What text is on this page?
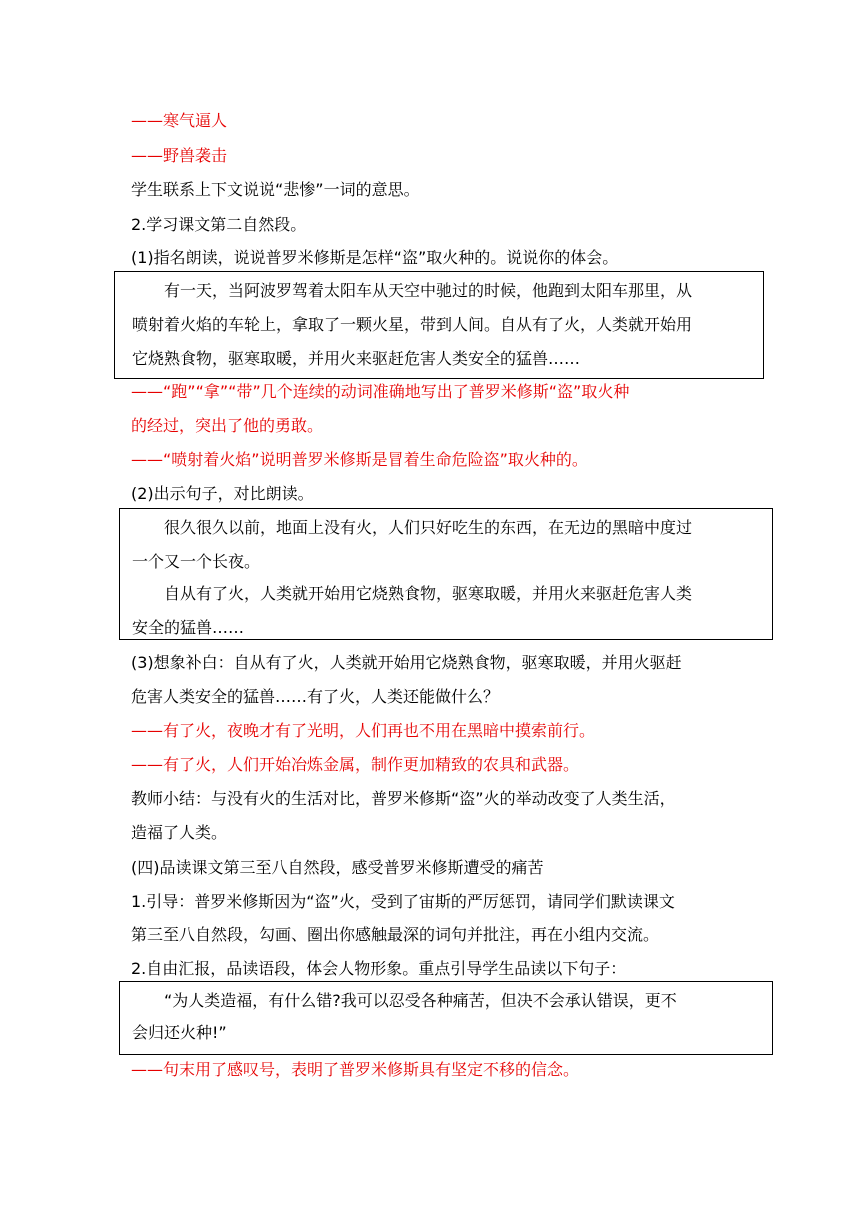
——寒气逼人
——野兽袭击
学生联系上下文说说“悲惨”一词的意思。
2.学习课文第二自然段。
(1)指名朗读，说说普罗米修斯是怎样“盗”取火种的。说说你的体会。
　　有一天，当阿波罗驾着太阳车从天空中驰过的时候，他跑到太阳车那里，从
喷射着火焰的车轮上，拿取了一颗火星，带到人间。自从有了火，人类就开始用
它烧熟食物，驱寒取暖，并用火来驱赶危害人类安全的猛兽……
——“跑”“拿”“带”几个连续的动词准确地写出了普罗米修斯“盗”取火种
的经过，突出了他的勇敢。
——“喷射着火焰”说明普罗米修斯是冒着生命危险盗”取火种的。
(2)出示句子，对比朗读。
　　很久很久以前，地面上没有火，人们只好吃生的东西，在无边的黑暗中度过
一个又一个长夜。
　　自从有了火，人类就开始用它烧熟食物，驱寒取暖，并用火来驱赶危害人类
安全的猛兽……
(3)想象补白：自从有了火，人类就开始用它烧熟食物，驱寒取暖，并用火驱赶
危害人类安全的猛兽……有了火，人类还能做什么？
——有了火，夜晚才有了光明，人们再也不用在黑暗中摸索前行。
——有了火，人们开始冶炼金属，制作更加精致的农具和武器。
教师小结：与没有火的生活对比，普罗米修斯“盗”火的举动改变了人类生活，
造福了人类。
(四)品读课文第三至八自然段，感受普罗米修斯遭受的痛苦
1.引导：普罗米修斯因为“盗”火，受到了宙斯的严厉惩罚，请同学们默读课文
第三至八自然段，勾画、圈出你感触最深的词句并批注，再在小组内交流。
2.自由汇报，品读语段，体会人物形象。重点引导学生品读以下句子：
　　“为人类造福，有什么错?我可以忍受各种痛苦，但决不会承认错误，更不
会归还火种!”
——句末用了感叹号，表明了普罗米修斯具有坚定不移的信念。
